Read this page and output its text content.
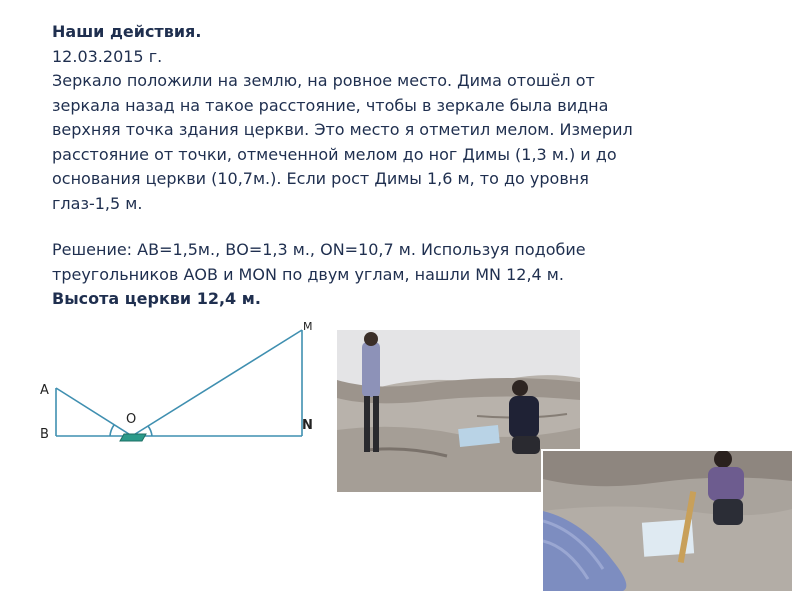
Наши действия.
12.03.2015 г.
Зеркало положили на землю, на ровное место. Дима отошёл от
зеркала назад на такое расстояние, чтобы в зеркале была видна
верхняя точка здания церкви. Это место я отметил мелом. Измерил
расстояние от точки, отмеченной мелом до ног Димы (1,3 м.) и до
основания церкви (10,7м.). Если рост Димы 1,6 м, то до уровня
глаз-1,5 м.
Решение: АВ=1,5м., ВО=1,3 м., ОN=10,7 м. Используя подобие
треугольников АОВ и МОN по двум углам, нашли МN 12,4 м.
Высота церкви 12,4 м.
А
В
О
M
N
